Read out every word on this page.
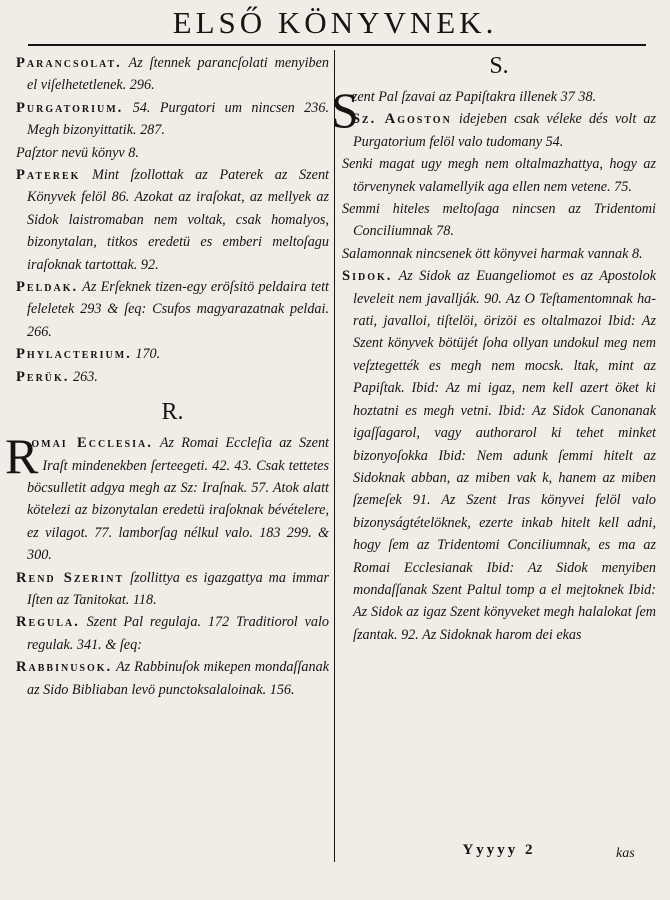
ELSŐ KÖNYVNEK.
Parancsolat. Az ſtennek parancſolati menyiben el viſelhetetlenek. 296.
Purgatorium. 54. Purgatori um nincsen 236. Megh bizonyittatik. 287.
Paſztor nevü könyv 8.
Paterek Mint ſzollottak az Paterek az Szent Könyvek felöl 86. Azokat az iraſokat, az mellyek az Sidok laistromaban nem voltak, csak homalyos, bizonytalan, titkos eredetü es emberi meltoſagu iraſoknak tartottak. 92.
Peldak. Az Erſeknek tizen-egy eröſsitö peldaira tett feleletek 293 & ſeq: Csufos magyarazatnak peldai. 266.
Phylacterium. 170.
Perük. 263.
R.
R
omai Ecclesia. Az Romai Eccleſia az Szent Iraſt mindenekben ſerteegeti. 42. 43. Csak tettetes böcsulletit adgya megh az Sz: Iraſnak. 57. Atok alatt kötelezi az bizonytalan eredetü iraſoknak bévételere, ez vilagot. 77. lamborſag nélkul valo. 183 299. & 300.
Rend Szerint ſzollittya es igazgattya ma immar Iſten az Tanitokat. 118.
Regula. Szent Pal regulaja. 172 Traditiorol valo regulak. 341. & ſeq:
Rabbinusok. Az Rabbinuſok mikepen mondaſſanak az Sido Bibliaban levö punctoksalaloinak. 156.
S.
S
zent Pal ſzavai az Papiſtakra illenek 37 38.
Sz. Agoston idejeben csak véleke dés volt az Purgatorium felöl valo tudomany 54.
Senki magat ugy megh nem oltalmazhattya, hogy az törvenynek valamellyik aga ellen nem vetene. 75.
Semmi hiteles meltoſaga nincsen az Tridentomi Conciliumnak 78.
Salamonnak nincsenek ött könyvei harmak vannak 8.
Sidok. Az Sidok az Euangeliomot es az Apostolok leveleit nem javallják. 90. Az O Teſtamentomnak harati, javalloi, tiſtelöi, örizöi es oltalmazoi Ibid: Az Szent könyvek bötüjét ſoha ollyan undokul meg nem veſztegették es megh nem mocsk. ltak, mint az Papiſtak. Ibid: Az mi igaz, nem kell azert öket ki hoztatni es megh vetni. Ibid: Az Sidok Canonanak igaſſagarol, vagy authorarol ki tehet minket bizonyoſokka Ibid: Nem adunk ſemmi hitelt az Sidoknak abban, az miben vak k, hanem az miben ſzemeſek 91. Az Szent Iras könyvei felöl valo bizonyságtételöknek, ezerte inkab hitelt kell adni, hogy ſem az Tridentomi Conciliumnak, es ma az Romai Ecclesianak Ibid: Az Sidok menyiben mondaſſanak Szent Paltul tomp a el mejtoknek Ibid: Az Sidok az igaz Szent könyveket megh halalokat ſem ſzantak. 92. Az Sidoknak harom dei ekas
Yyyyy 2	kas
